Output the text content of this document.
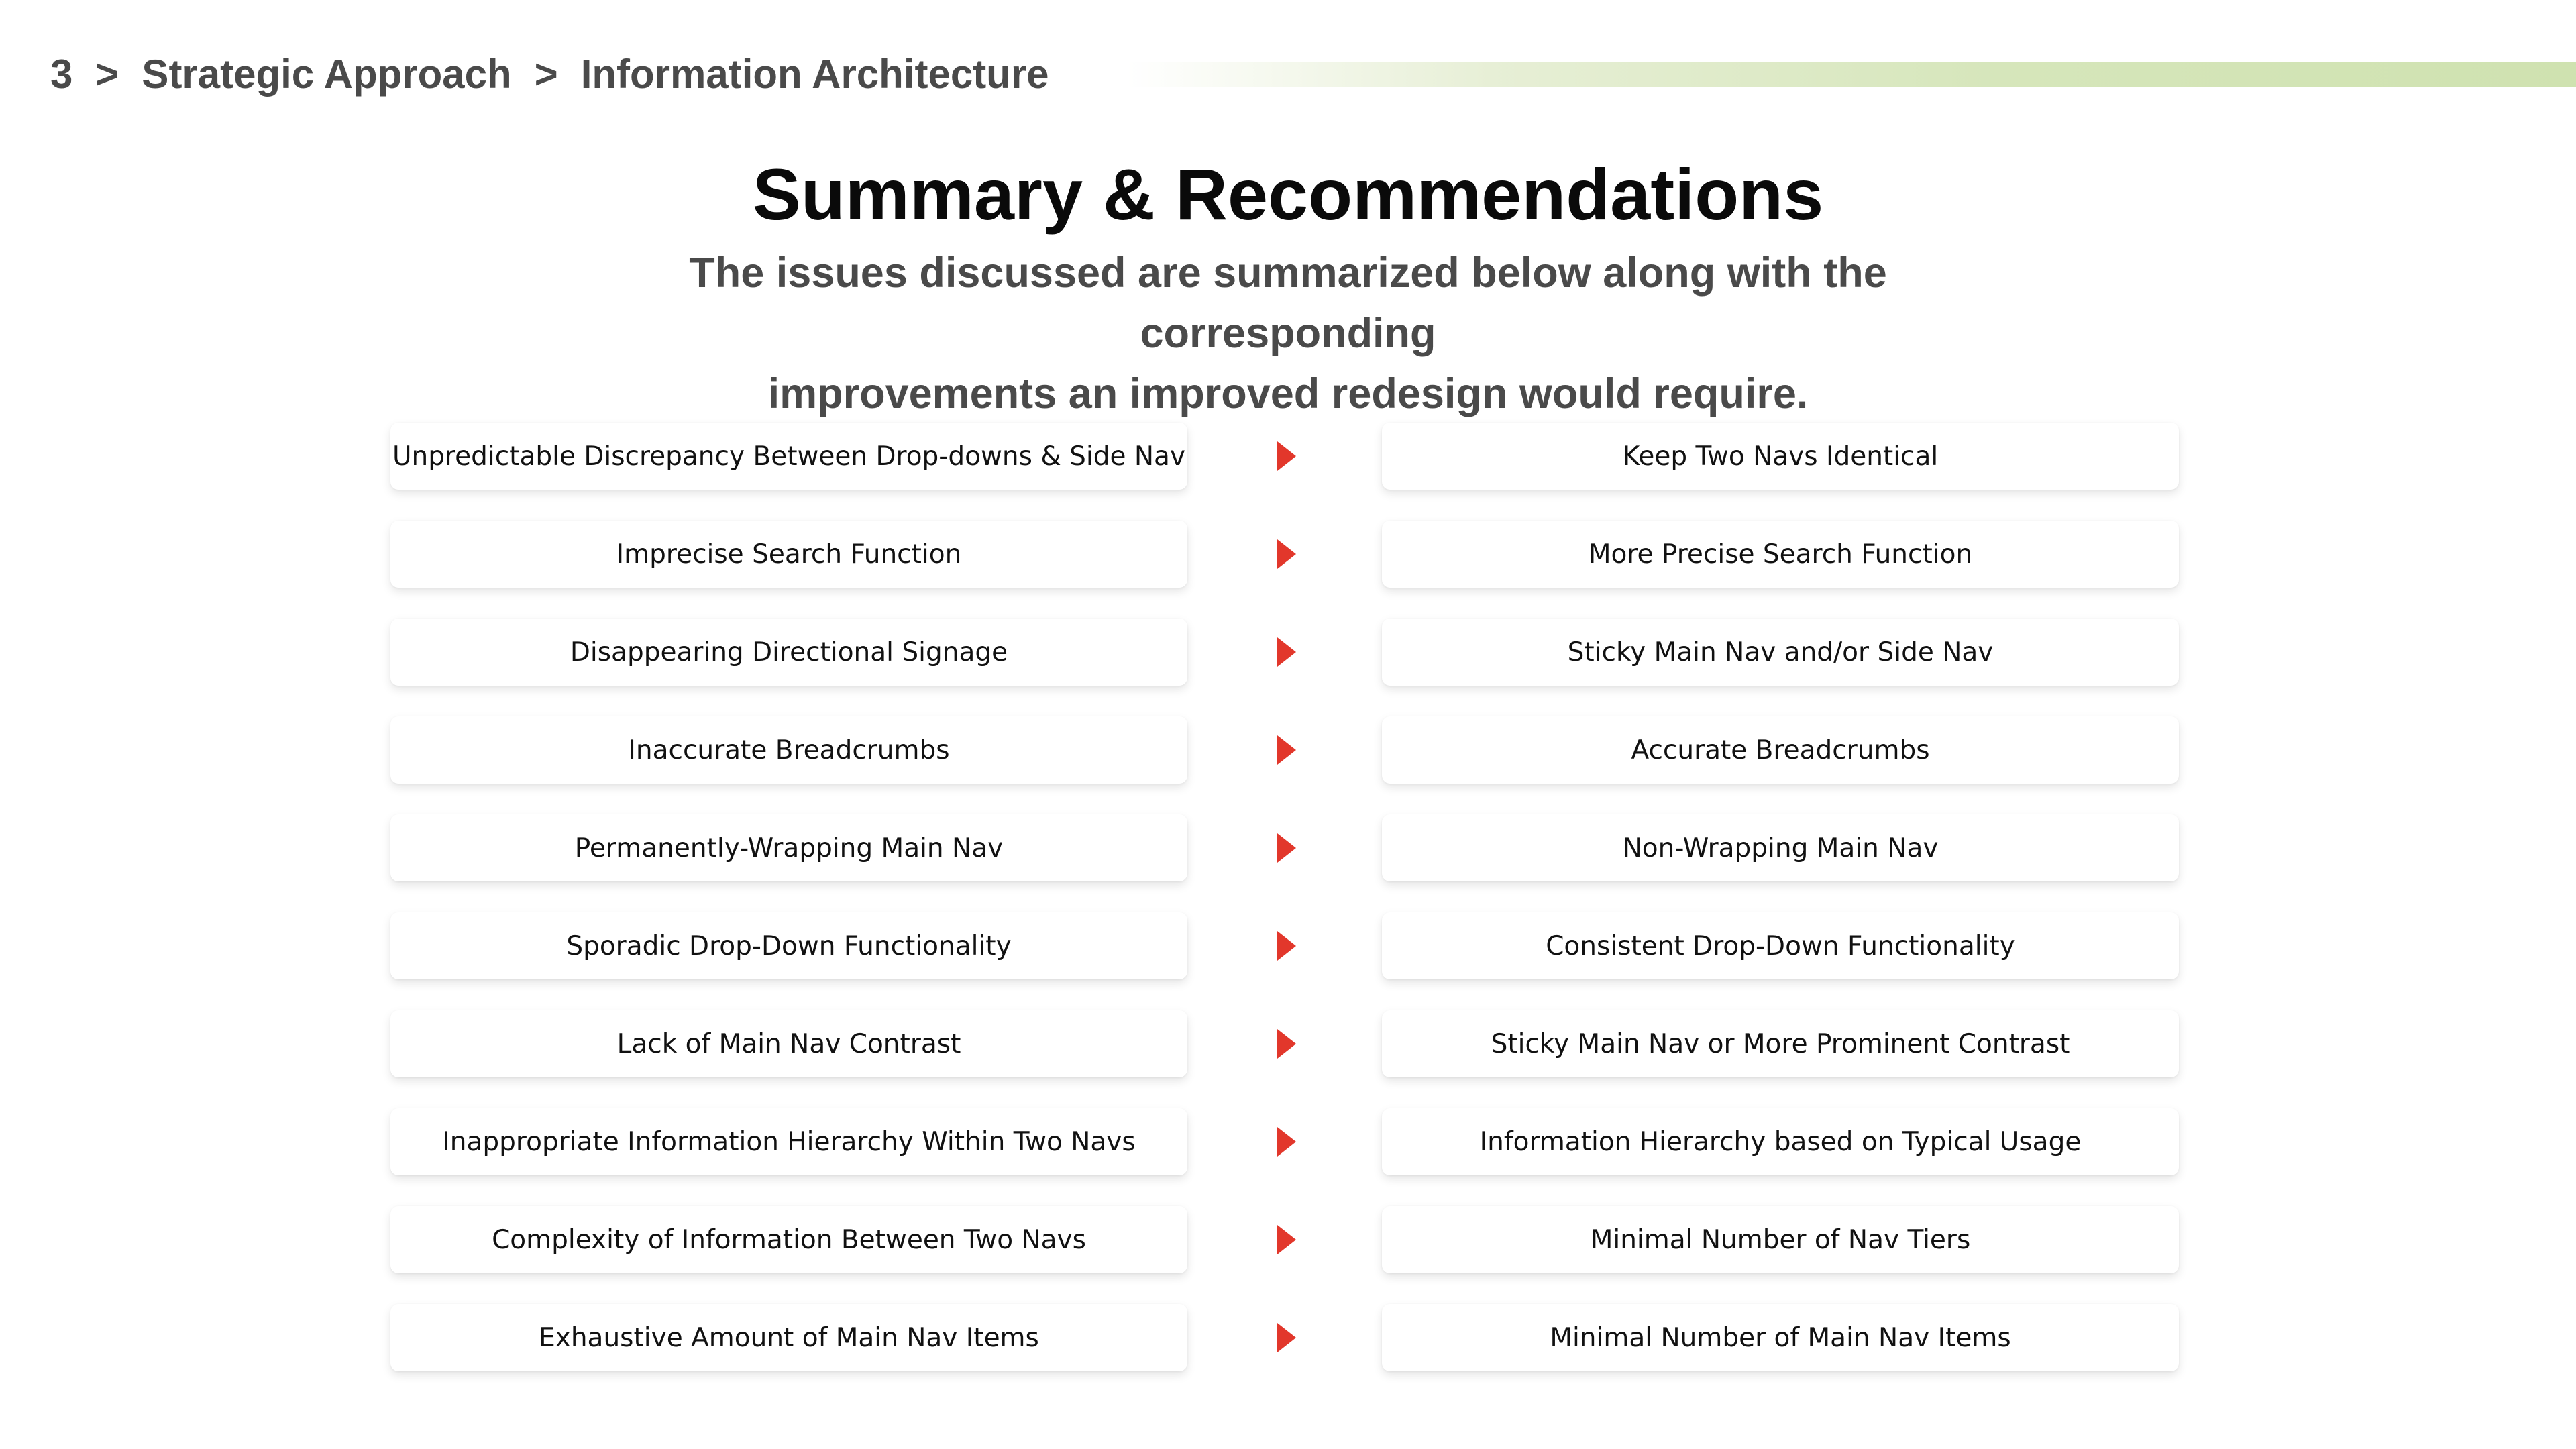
3 > Strategic Approach > Information Architecture
Summary & Recommendations
The issues discussed are summarized below along with the corresponding
improvements an improved redesign would require.
Unpredictable Discrepancy Between Drop-downs & Side Nav	Keep Two Navs Identical
Imprecise Search Function	More Precise Search Function
Disappearing Directional Signage	Sticky Main Nav and/or Side Nav
Inaccurate Breadcrumbs	Accurate Breadcrumbs
Permanently-Wrapping Main Nav	Non-Wrapping Main Nav
Sporadic Drop-Down Functionality	Consistent Drop-Down Functionality
Lack of Main Nav Contrast	Sticky Main Nav or More Prominent Contrast
Inappropriate Information Hierarchy Within Two Navs	Information Hierarchy based on Typical Usage
Complexity of Information Between Two Navs	Minimal Number of Nav Tiers
Exhaustive Amount of Main Nav Items	Minimal Number of Main Nav Items
